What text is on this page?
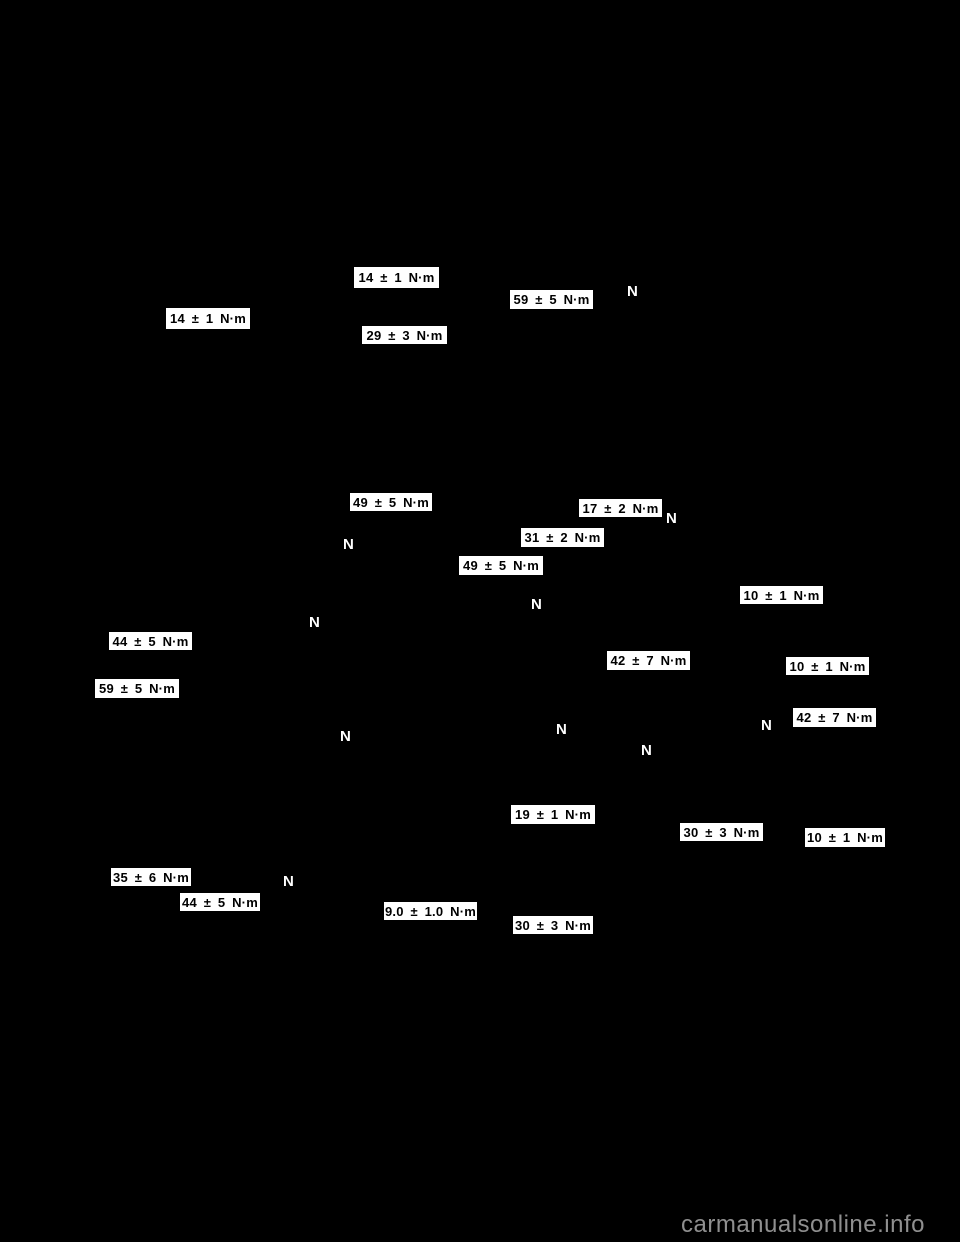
14 ± 1 N·m
59 ± 5 N·m
14 ± 1 N·m
29 ± 3 N·m
49 ± 5 N·m	17 ± 2 N·m
31 ± 2 N·m
49 ± 5 N·m
10 ± 1 N·m
44 ± 5 N·m
42 ± 7 N·m	10 ± 1 N·m
59 ± 5 N·m
42 ± 7 N·m
19 ± 1 N·m
30 ± 3 N·m	10 ± 1 N·m
35 ± 6 N·m
44 ± 5 N·m
9.0 ± 1.0 N·m
30 ± 3 N·m
N
N
N
N
N
N
N
N
N
N
carmanualsonline.info
